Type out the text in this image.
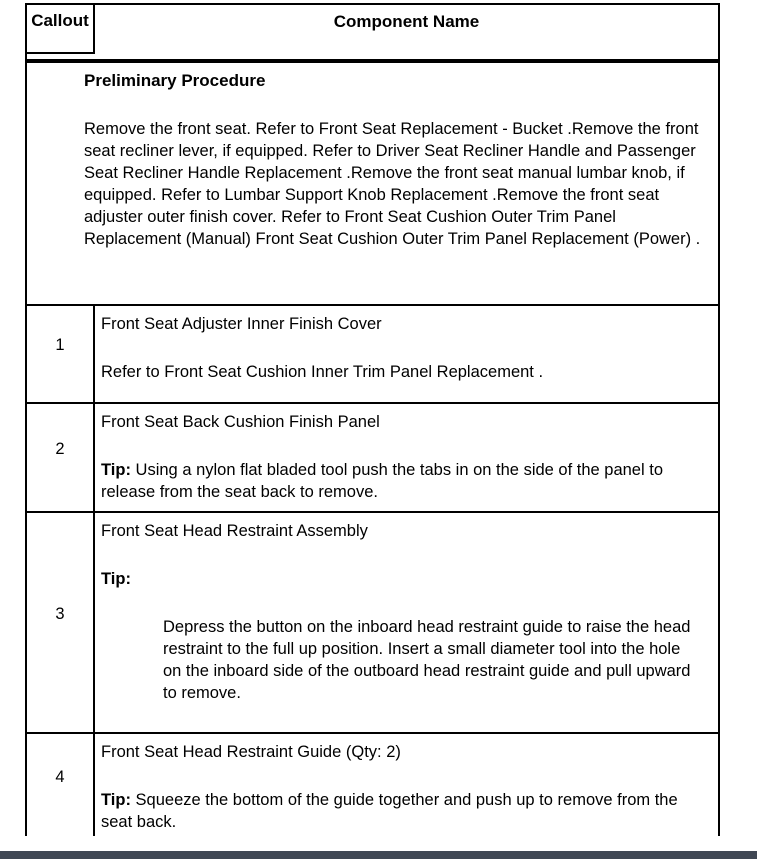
Callout	Component Name

Preliminary Procedure

Remove the front seat. Refer to Front Seat Replacement - Bucket .Remove the front seat recliner lever, if equipped. Refer to Driver Seat Recliner Handle and Passenger Seat Recliner Handle Replacement .Remove the front seat manual lumbar knob, if equipped. Refer to Lumbar Support Knob Replacement .Remove the front seat adjuster outer finish cover. Refer to Front Seat Cushion Outer Trim Panel Replacement (Manual) Front Seat Cushion Outer Trim Panel Replacement (Power) .

1

Front Seat Adjuster Inner Finish Cover

Refer to Front Seat Cushion Inner Trim Panel Replacement .

2

Front Seat Back Cushion Finish Panel

Tip: Using a nylon flat bladed tool push the tabs in on the side of the panel to release from the seat back to remove.

3

Front Seat Head Restraint Assembly

Tip:

Depress the button on the inboard head restraint guide to raise the head restraint to the full up position. Insert a small diameter tool into the hole on the inboard side of the outboard head restraint guide and pull upward to remove.

4

Front Seat Head Restraint Guide (Qty: 2)

Tip: Squeeze the bottom of the guide together and push up to remove from the seat back.
